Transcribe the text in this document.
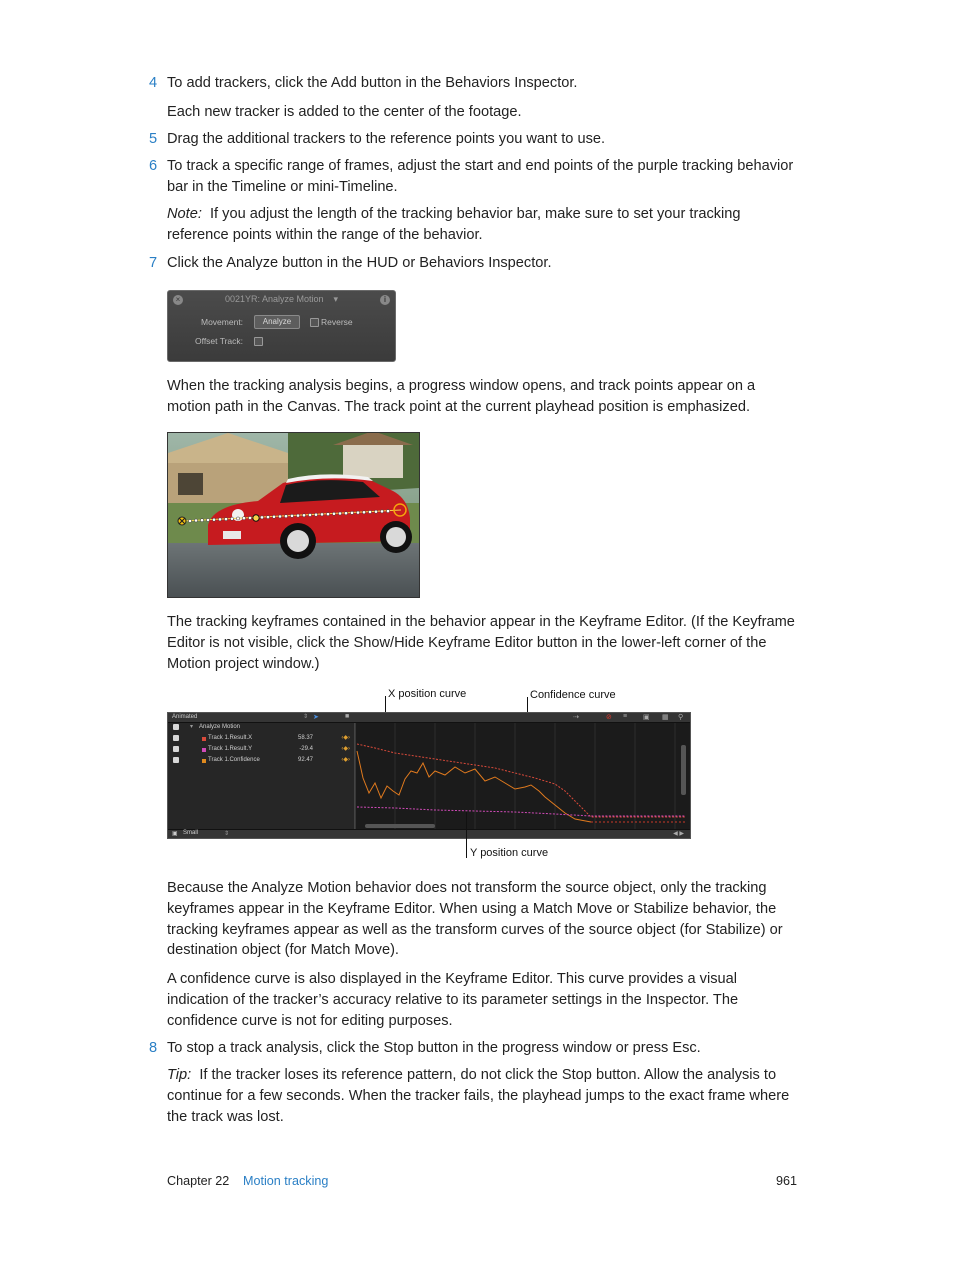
4 To add trackers, click the Add button in the Behaviors Inspector.

Each new tracker is added to the center of the footage.

5 Drag the additional trackers to the reference points you want to use.

6 To track a specific range of frames, adjust the start and end points of the purple tracking behavior bar in the Timeline or mini-Timeline.

Note: If you adjust the length of the tracking behavior bar, make sure to set your tracking reference points within the range of the behavior.

7 Click the Analyze button in the HUD or Behaviors Inspector.

×	0021YR: Analyze Motion ▾	i
Movement:	Analyze	Reverse
Offset Track:

When the tracking analysis begins, a progress window opens, and track points appear on a motion path in the Canvas. The track point at the current playhead position is emphasized.

The tracking keyframes contained in the behavior appear in the Keyframe Editor. (If the Keyframe Editor is not visible, click the Show/Hide Keyframe Editor button in the lower-left corner of the Motion project window.)

X position curve	Confidence curve
Animated	⇕ ➤	■	⇢	⊘ ≡ ▣ ▦ ⚲
▾ Analyze Motion
Track 1.Result.X	58.37	‹◆›
Track 1.Result.Y	-29.4	‹◆›
Track 1.Confidence	92.47	‹◆›
▣ Small	⇕	◀ ▶
Y position curve

Because the Analyze Motion behavior does not transform the source object, only the tracking keyframes appear in the Keyframe Editor. When using a Match Move or Stabilize behavior, the tracking keyframes appear as well as the transform curves of the source object (for Stabilize) or destination object (for Match Move).

A confidence curve is also displayed in the Keyframe Editor. This curve provides a visual indication of the tracker’s accuracy relative to its parameter settings in the Inspector. The confidence curve is not for editing purposes.

8 To stop a track analysis, click the Stop button in the progress window or press Esc.

Tip: If the tracker loses its reference pattern, do not click the Stop button. Allow the analysis to continue for a few seconds. When the tracker fails, the playhead jumps to the exact frame where the track was lost.

Chapter 22 Motion tracking	961
